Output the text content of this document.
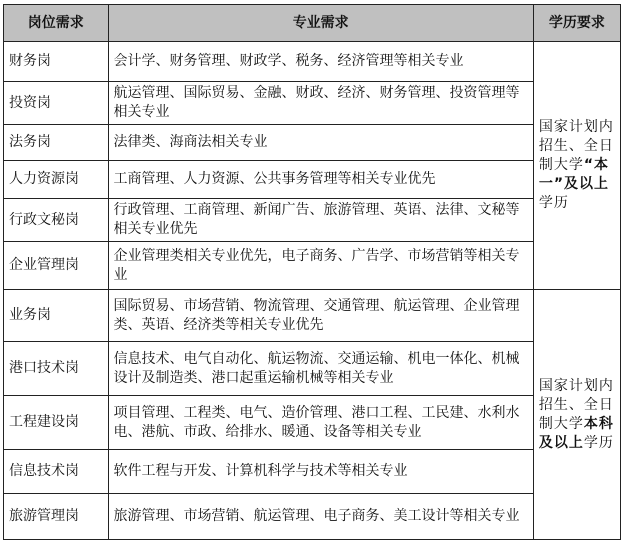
岗位需求	专业需求	学历要求
财务岗	会计学、财务管理、财政学、税务、经济管理等相关专业	国家计划内招生、全日制大学“本一”及以上学历
投资岗	航运管理、国际贸易、金融、财政、经济、财务管理、投资管理等相关专业	
法务岗	法律类、海商法相关专业	
人力资源岗	工商管理、人力资源、公共事务管理等相关专业优先	
行政文秘岗	行政管理、工商管理、新闻广告、旅游管理、英语、法律、文秘等相关专业优先	
企业管理岗	企业管理类相关专业优先，电子商务、广告学、市场营销等相关专业	
业务岗	国际贸易、市场营销、物流管理、交通管理、航运管理、企业管理类、英语、经济类等相关专业优先	国家计划内招生、全日制大学本科及以上学历
港口技术岗	信息技术、电气自动化、航运物流、交通运输、机电一体化、机械设计及制造类、港口起重运输机械等相关专业	
工程建设岗	项目管理、工程类、电气、造价管理、港口工程、工民建、水利水电、港航、市政、给排水、暖通、设备等相关专业	
信息技术岗	软件工程与开发、计算机科学与技术等相关专业	
旅游管理岗	旅游管理、市场营销、航运管理、电子商务、美工设计等相关专业	
